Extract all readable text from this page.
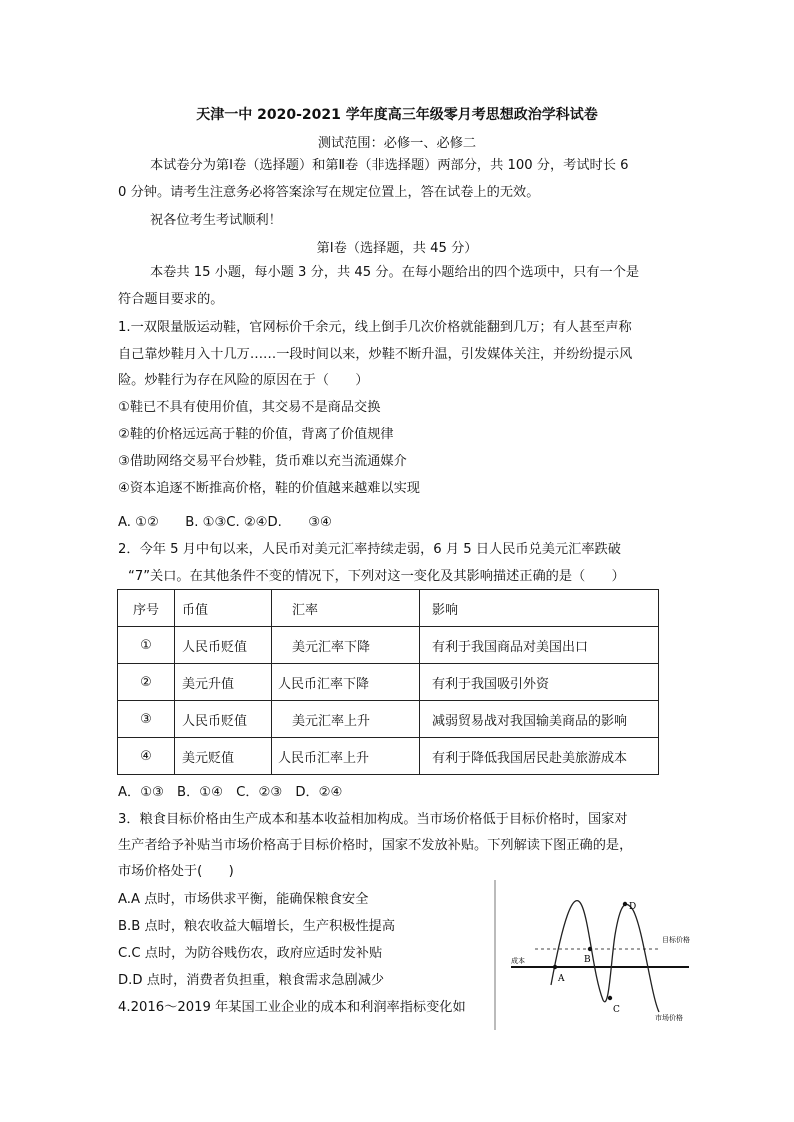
天津一中 2020-2021 学年度高三年级零月考思想政治学科试卷
测试范围：必修一、必修二
本试卷分为第Ⅰ卷（选择题）和第Ⅱ卷（非选择题）两部分，共 100 分，考试时长 6
0 分钟。请考生注意务必将答案涂写在规定位置上，答在试卷上的无效。
祝各位考生考试顺利！
第Ⅰ卷（选择题，共 45 分）
本卷共 15 小题，每小题 3 分，共 45 分。在每小题给出的四个选项中，只有一个是
符合题目要求的。
1.一双限量版运动鞋，官网标价千余元，线上倒手几次价格就能翻到几万；有人甚至声称
自己靠炒鞋月入十几万……一段时间以来，炒鞋不断升温，引发媒体关注，并纷纷提示风
险。炒鞋行为存在风险的原因在于（　　）
①鞋已不具有使用价值，其交易不是商品交换
②鞋的价格远远高于鞋的价值，背离了价值规律
③借助网络交易平台炒鞋，货币难以充当流通媒介
④资本追逐不断推高价格，鞋的价值越来越难以实现
A. ①②　　B. ①③C. ②④D.　　③④
2．今年 5 月中旬以来，人民币对美元汇率持续走弱，6 月 5 日人民币兑美元汇率跌破
“7”关口。在其他条件不变的情况下，下列对这一变化及其影响描述正确的是（　　）
序号	币值	汇率	影响
①	人民币贬值	美元汇率下降	有利于我国商品对美国出口
②	美元升值	人民币汇率下降	有利于我国吸引外资
③	人民币贬值	美元汇率上升	减弱贸易战对我国输美商品的影响
④	美元贬值	人民币汇率上升	有利于降低我国居民赴美旅游成本
A．①③　B．①④　C．②③　D．②④
3．粮食目标价格由生产成本和基本收益相加构成。当市场价格低于目标价格时，国家对
生产者给予补贴当市场价格高于目标价格时，国家不发放补贴。下列解读下图正确的是，
市场价格处于(　　)
A.A 点时，市场供求平衡，能确保粮食安全
B.B 点时，粮农收益大幅增长，生产积极性提高
C.C 点时，为防谷贱伤农，政府应适时发补贴
D.D 点时，消费者负担重，粮食需求急剧减少
4.2016～2019 年某国工业企业的成本和利润率指标变化如
A
B
C
D
成本
目标价格
市场价格
